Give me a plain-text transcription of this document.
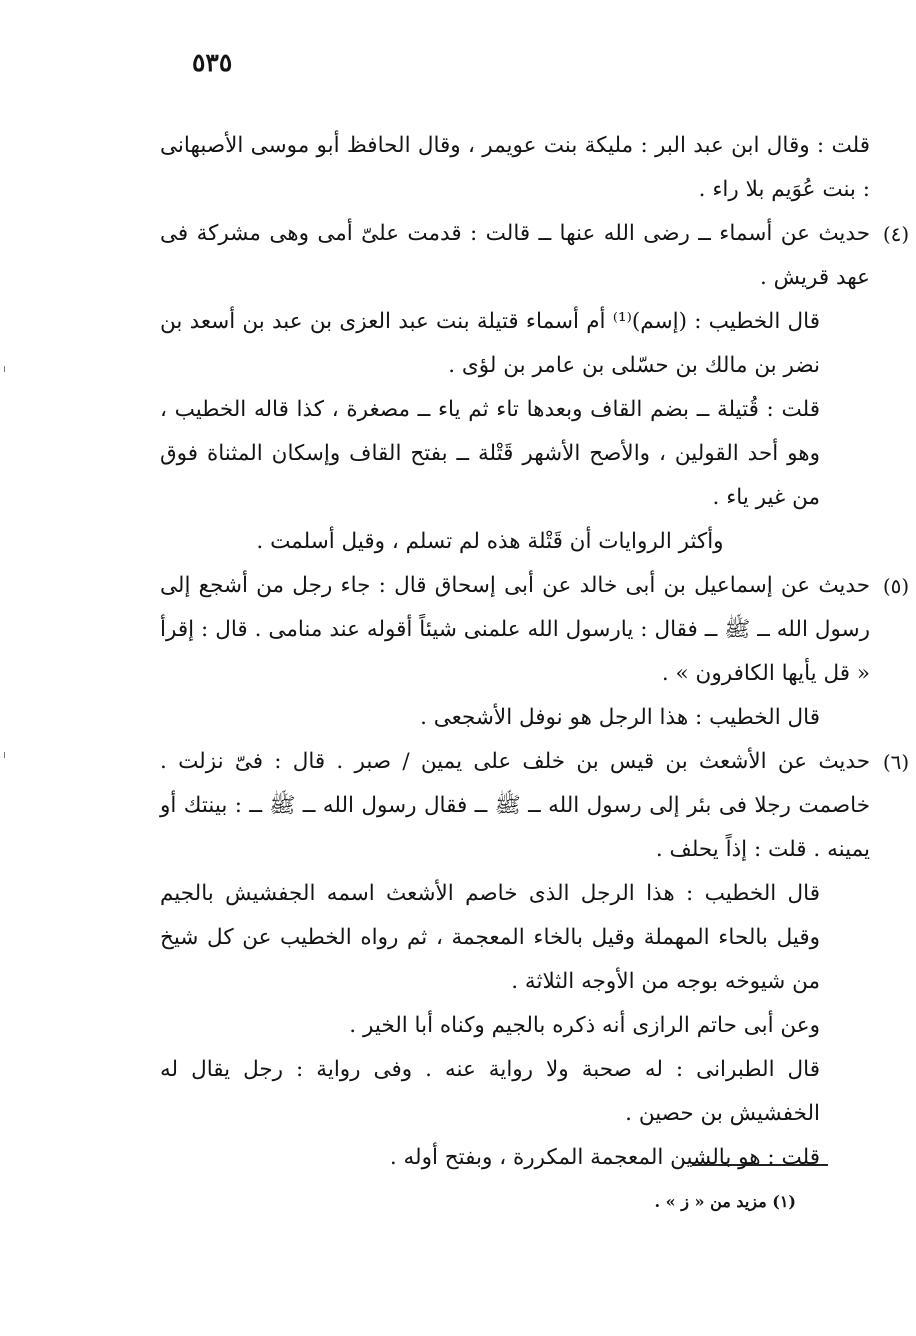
٥٣٥

قلت : وقال ابن عبد البر : مليكة بنت عويمر ، وقال الحافظ أبو موسى الأصبهانى : بنت عُوَيم بلا راء .

(٤)
حديث عن أسماء ــ رضى الله عنها ــ قالت : قدمت علىّ أمى وهى مشركة فى عهد قريش .

قال الخطيب : (إسم)⁽¹⁾ أم أسماء قتيلة بنت عبد العزى بن عبد بن أسعد بن نضر بن مالك بن حسّلى بن عامر بن لؤى .

قلت : قُتيلة ــ بضم القاف وبعدها تاء ثم ياء ــ مصغرة ، كذا قاله الخطيب ، وهو أحد القولين ، والأصح الأشهر قَتْلة ــ بفتح القاف وإسكان المثناة فوق من غير ياء .

وأكثر الروايات أن قَتْلة هذه لم تسلم ، وقيل أسلمت .

(٥)
حديث عن إسماعيل بن أبى خالد عن أبى إسحاق قال : جاء رجل من أشجع إلى رسول الله ــ ﷺ ــ فقال : يارسول الله علمنى شيئاً أقوله عند منامى . قال : إقرأ « قل يأيها الكافرون » .

قال الخطيب : هذا الرجل هو نوفل الأشجعى .

(٦)
حديث عن الأشعث بن قيس بن خلف على يمين / صبر . قال : فىّ نزلت . خاصمت رجلا فى بئر إلى رسول الله ــ ﷺ ــ فقال رسول الله ــ ﷺ ــ : بينتك أو يمينه . قلت : إذاً يحلف .

قال الخطيب : هذا الرجل الذى خاصم الأشعث اسمه الجفشيش بالجيم وقيل بالحاء المهملة وقيل بالخاء المعجمة ، ثم رواه الخطيب عن كل شيخ من شيوخه بوجه من الأوجه الثلاثة .

وعن أبى حاتم الرازى أنه ذكره بالجيم وكناه أبا الخير .

قال الطبرانى : له صحبة ولا رواية عنه . وفى رواية : رجل يقال له الخفشيش بن حصين .

قلت : هو بالشين المعجمة المكررة ، وبفتح أوله .

(١) مزيد من « ز » .
